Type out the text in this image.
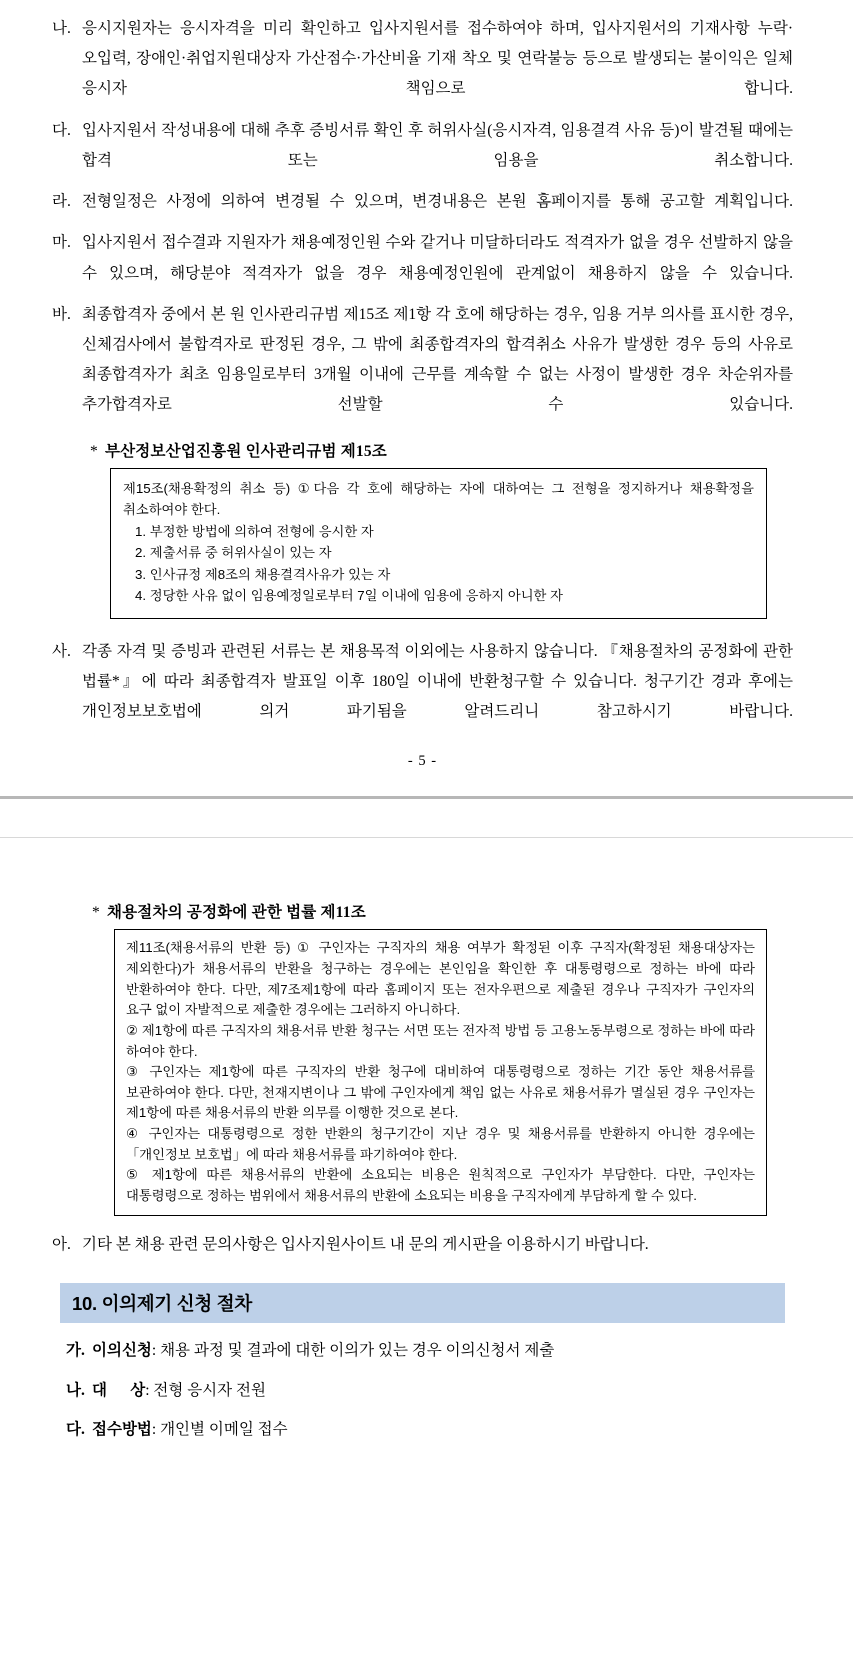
나. 응시지원자는 응시자격을 미리 확인하고 입사지원서를 접수하여야 하며, 입사지원서의 기재사항 누락·오입력, 장애인·취업지원대상자 가산점수·가산비율 기재 착오 및 연락불능 등으로 발생되는 불이익은 일체 응시자 책임으로 합니다.
다. 입사지원서 작성내용에 대해 추후 증빙서류 확인 후 허위사실(응시자격, 임용결격 사유 등)이 발견될 때에는 합격 또는 임용을 취소합니다.
라. 전형일정은 사정에 의하여 변경될 수 있으며, 변경내용은 본원 홈페이지를 통해 공고할 계획입니다.
마. 입사지원서 접수결과 지원자가 채용예정인원 수와 같거나 미달하더라도 적격자가 없을 경우 선발하지 않을 수 있으며, 해당분야 적격자가 없을 경우 채용예정인원에 관계없이 채용하지 않을 수 있습니다.
바. 최종합격자 중에서 본 원 인사관리규범 제15조 제1항 각 호에 해당하는 경우, 임용 거부 의사를 표시한 경우, 신체검사에서 불합격자로 판정된 경우, 그 밖에 최종합격자의 합격취소 사유가 발생한 경우 등의 사유로 최종합격자가 최초 임용일로부터 3개월 이내에 근무를 계속할 수 없는 사정이 발생한 경우 차순위자를 추가합격자로 선발할 수 있습니다.
* 부산정보산업진흥원 인사관리규범 제15조

제15조(채용확정의 취소 등) ①다음 각 호에 해당하는 자에 대하여는 그 전형을 정지하거나 채용확정을 취소하여야 한다.

1. 부정한 방법에 의하여 전형에 응시한 자

2. 제출서류 중 허위사실이 있는 자

3. 인사규정 제8조의 채용결격사유가 있는 자

4. 정당한 사유 없이 임용예정일로부터 7일 이내에 임용에 응하지 아니한 자

사. 각종 자격 및 증빙과 관련된 서류는 본 채용목적 이외에는 사용하지 않습니다. 『채용절차의 공정화에 관한 법률*』에 따라 최종합격자 발표일 이후 180일 이내에 반환청구할 수 있습니다. 청구기간 경과 후에는 개인정보보호법에 의거 파기됨을 알려드리니 참고하시기 바랍니다.
- 5 -
* 채용절차의 공정화에 관한 법률 제11조

제11조(채용서류의 반환 등) ① 구인자는 구직자의 채용 여부가 확정된 이후 구직자(확정된 채용대상자는 제외한다)가 채용서류의 반환을 청구하는 경우에는 본인임을 확인한 후 대통령령으로 정하는 바에 따라 반환하여야 한다. 다만, 제7조제1항에 따라 홈페이지 또는 전자우편으로 제출된 경우나 구직자가 구인자의 요구 없이 자발적으로 제출한 경우에는 그러하지 아니하다.

② 제1항에 따른 구직자의 채용서류 반환 청구는 서면 또는 전자적 방법 등 고용노동부령으로 정하는 바에 따라 하여야 한다.

③ 구인자는 제1항에 따른 구직자의 반환 청구에 대비하여 대통령령으로 정하는 기간 동안 채용서류를 보관하여야 한다. 다만, 천재지변이나 그 밖에 구인자에게 책임 없는 사유로 채용서류가 멸실된 경우 구인자는 제1항에 따른 채용서류의 반환 의무를 이행한 것으로 본다.

④ 구인자는 대통령령으로 정한 반환의 청구기간이 지난 경우 및 채용서류를 반환하지 아니한 경우에는 「개인정보 보호법」에 따라 채용서류를 파기하여야 한다.

⑤ 제1항에 따른 채용서류의 반환에 소요되는 비용은 원칙적으로 구인자가 부담한다. 다만, 구인자는 대통령령으로 정하는 범위에서 채용서류의 반환에 소요되는 비용을 구직자에게 부담하게 할 수 있다.

아. 기타 본 채용 관련 문의사항은 입사지원사이트 내 문의 게시판을 이용하시기 바랍니다.
10. 이의제기 신청 절차
가. 이의신청 : 채용 과정 및 결과에 대한 이의가 있는 경우 이의신청서 제출
나. 대      상 : 전형 응시자 전원
다. 접수방법 : 개인별 이메일 접수
